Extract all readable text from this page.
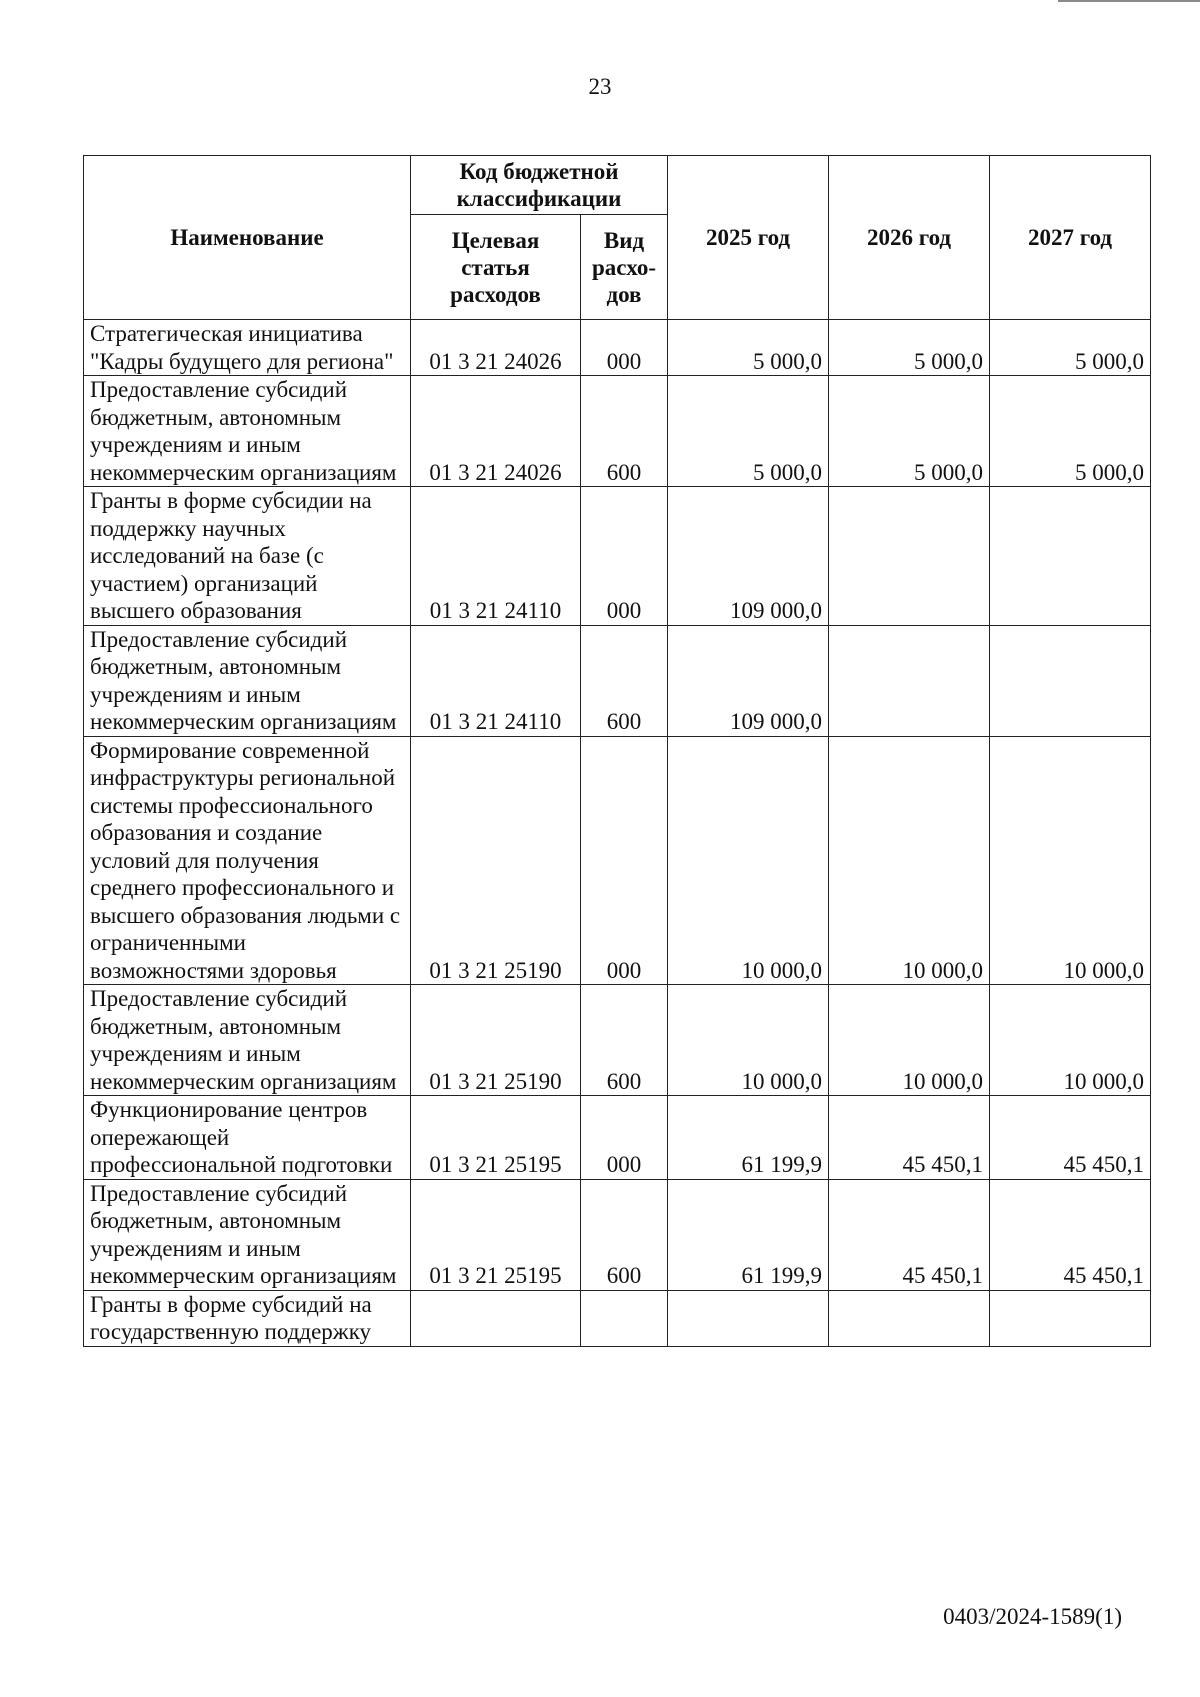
23
Наименование	Код бюджетной классификации		2025 год	2026 год	2027 год
	Целевая статья расходов	Вид расхо-дов			
Стратегическая инициатива "Кадры будущего для региона"	01 3 21 24026	000	5 000,0	5 000,0	5 000,0
Предоставление субсидий бюджетным, автономным учреждениям и иным некоммерческим организациям	01 3 21 24026	600	5 000,0	5 000,0	5 000,0
Гранты в форме субсидии на поддержку научных исследований на базе (с участием) организаций высшего образования	01 3 21 24110	000	109 000,0		
Предоставление субсидий бюджетным, автономным учреждениям и иным некоммерческим организациям	01 3 21 24110	600	109 000,0		
Формирование современной инфраструктуры региональной системы профессионального образования и создание условий для получения среднего профессионального и высшего образования людьми с ограниченными возможностями здоровья	01 3 21 25190	000	10 000,0	10 000,0	10 000,0
Предоставление субсидий бюджетным, автономным учреждениям и иным некоммерческим организациям	01 3 21 25190	600	10 000,0	10 000,0	10 000,0
Функционирование центров опережающей профессиональной подготовки	01 3 21 25195	000	61 199,9	45 450,1	45 450,1
Предоставление субсидий бюджетным, автономным учреждениям и иным некоммерческим организациям	01 3 21 25195	600	61 199,9	45 450,1	45 450,1
Гранты в форме субсидий на государственную поддержку					
0403/2024-1589(1)
